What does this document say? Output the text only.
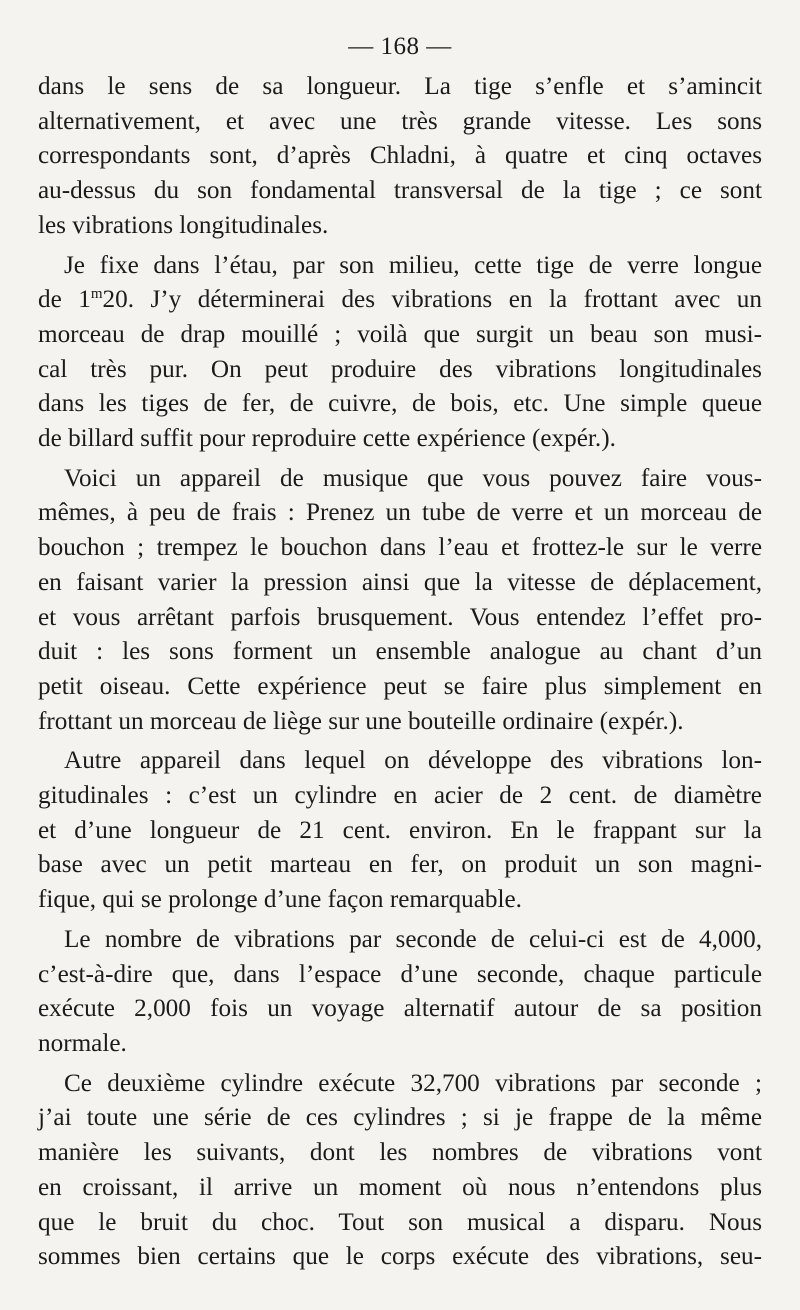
— 168 —

dans le sens de sa longueur. La tige s’enfle et s’amincit
alternativement, et avec une très grande vitesse. Les sons
correspondants sont, d’après Chladni, à quatre et cinq octaves
au-dessus du son fondamental transversal de la tige ; ce sont
les vibrations longitudinales.

Je fixe dans l’étau, par son milieu, cette tige de verre longue
de 1$^m$20. J’y déterminerai des vibrations en la frottant avec un
morceau de drap mouillé ; voilà que surgit un beau son musi-
cal très pur. On peut produire des vibrations longitudinales
dans les tiges de fer, de cuivre, de bois, etc. Une simple queue
de billard suffit pour reproduire cette expérience (expér.).

Voici un appareil de musique que vous pouvez faire vous-
mêmes, à peu de frais : Prenez un tube de verre et un morceau de
bouchon ; trempez le bouchon dans l’eau et frottez-le sur le verre
en faisant varier la pression ainsi que la vitesse de déplacement,
et vous arrêtant parfois brusquement. Vous entendez l’effet pro-
duit : les sons forment un ensemble analogue au chant d’un
petit oiseau. Cette expérience peut se faire plus simplement en
frottant un morceau de liège sur une bouteille ordinaire (expér.).

Autre appareil dans lequel on développe des vibrations lon-
gitudinales : c’est un cylindre en acier de 2 cent. de diamètre
et d’une longueur de 21 cent. environ. En le frappant sur la
base avec un petit marteau en fer, on produit un son magni-
fique, qui se prolonge d’une façon remarquable.

Le nombre de vibrations par seconde de celui-ci est de 4,000,
c’est-à-dire que, dans l’espace d’une seconde, chaque particule
exécute 2,000 fois un voyage alternatif autour de sa position
normale.

Ce deuxième cylindre exécute 32,700 vibrations par seconde ;
j’ai toute une série de ces cylindres ; si je frappe de la même
manière les suivants, dont les nombres de vibrations vont
en croissant, il arrive un moment où nous n’entendons plus
que le bruit du choc. Tout son musical a disparu. Nous
sommes bien certains que le corps exécute des vibrations, seu-
